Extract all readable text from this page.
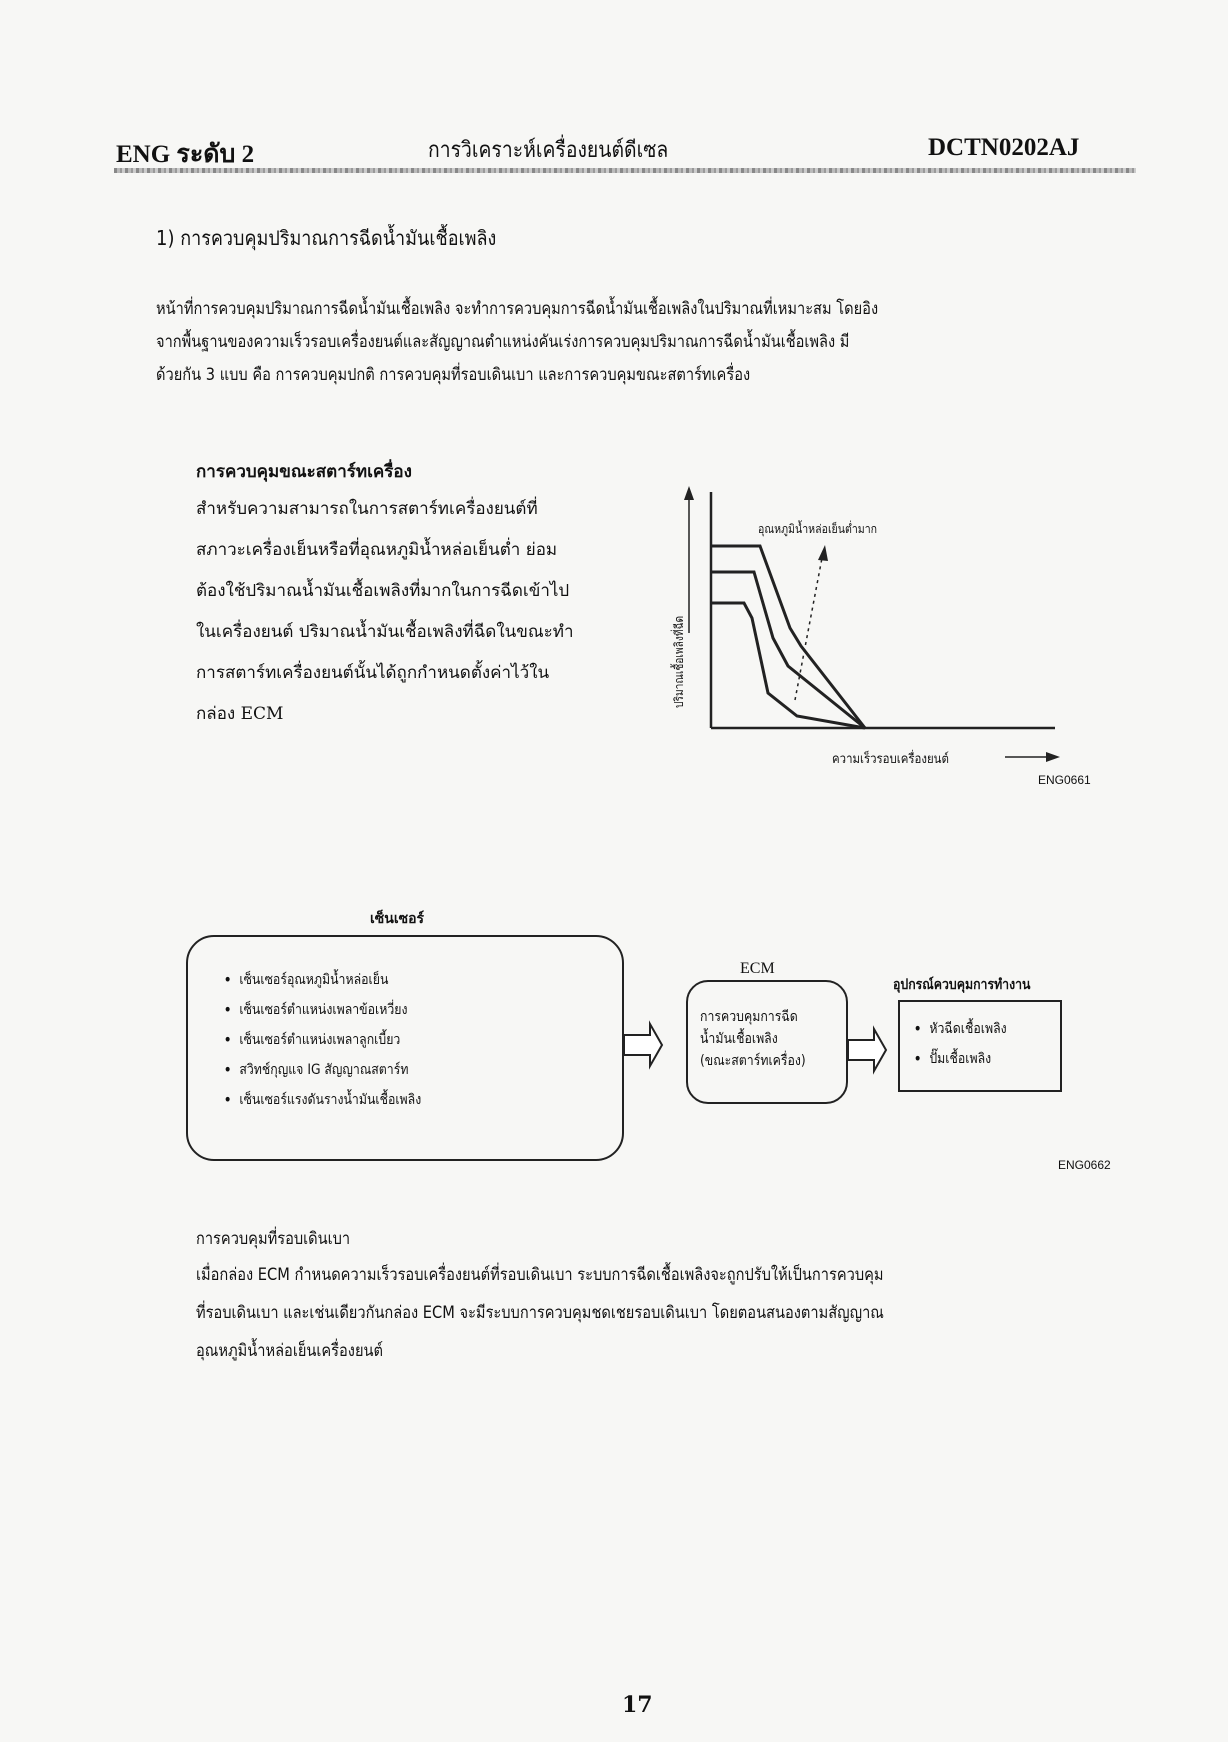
ENG ระดับ 2	การวิเคราะห์เครื่องยนต์ดีเซล	DCTN0202AJ
1) การควบคุมปริมาณการฉีดน้ำมันเชื้อเพลิง
หน้าที่การควบคุมปริมาณการฉีดน้ำมันเชื้อเพลิง จะทำการควบคุมการฉีดน้ำมันเชื้อเพลิงในปริมาณที่เหมาะสม โดยอิง
จากพื้นฐานของความเร็วรอบเครื่องยนต์และสัญญาณตำแหน่งคันเร่งการควบคุมปริมาณการฉีดน้ำมันเชื้อเพลิง มี
ด้วยกัน 3 แบบ คือ การควบคุมปกติ การควบคุมที่รอบเดินเบา และการควบคุมขณะสตาร์ทเครื่อง
การควบคุมขณะสตาร์ทเครื่อง
สำหรับความสามารถในการสตาร์ทเครื่องยนต์ที่
สภาวะเครื่องเย็นหรือที่อุณหภูมิน้ำหล่อเย็นต่ำ ย่อม
ต้องใช้ปริมาณน้ำมันเชื้อเพลิงที่มากในการฉีดเข้าไป
ในเครื่องยนต์ ปริมาณน้ำมันเชื้อเพลิงที่ฉีดในขณะทำ
การสตาร์ทเครื่องยนต์นั้นได้ถูกกำหนดตั้งค่าไว้ใน
กล่อง ECM
ปริมาณเชื้อเพลิงที่ฉีด
อุณหภูมิน้ำหล่อเย็นต่ำมาก
ความเร็วรอบเครื่องยนต์
ENG0661
เซ็นเซอร์
• เซ็นเซอร์อุณหภูมิน้ำหล่อเย็น
• เซ็นเซอร์ตำแหน่งเพลาข้อเหวี่ยง
• เซ็นเซอร์ตำแหน่งเพลาลูกเบี้ยว
• สวิทช์กุญแจ IG สัญญาณสตาร์ท
• เซ็นเซอร์แรงดันรางน้ำมันเชื้อเพลิง
ECM
การควบคุมการฉีด
น้ำมันเชื้อเพลิง
(ขณะสตาร์ทเครื่อง)
อุปกรณ์ควบคุมการทำงาน
• หัวฉีดเชื้อเพลิง
• ปั๊มเชื้อเพลิง
ENG0662
การควบคุมที่รอบเดินเบา
เมื่อกล่อง ECM กำหนดความเร็วรอบเครื่องยนต์ที่รอบเดินเบา ระบบการฉีดเชื้อเพลิงจะถูกปรับให้เป็นการควบคุม
ที่รอบเดินเบา และเช่นเดียวกันกล่อง ECM จะมีระบบการควบคุมชดเชยรอบเดินเบา โดยตอนสนองตามสัญญาณ
อุณหภูมิน้ำหล่อเย็นเครื่องยนต์
17
